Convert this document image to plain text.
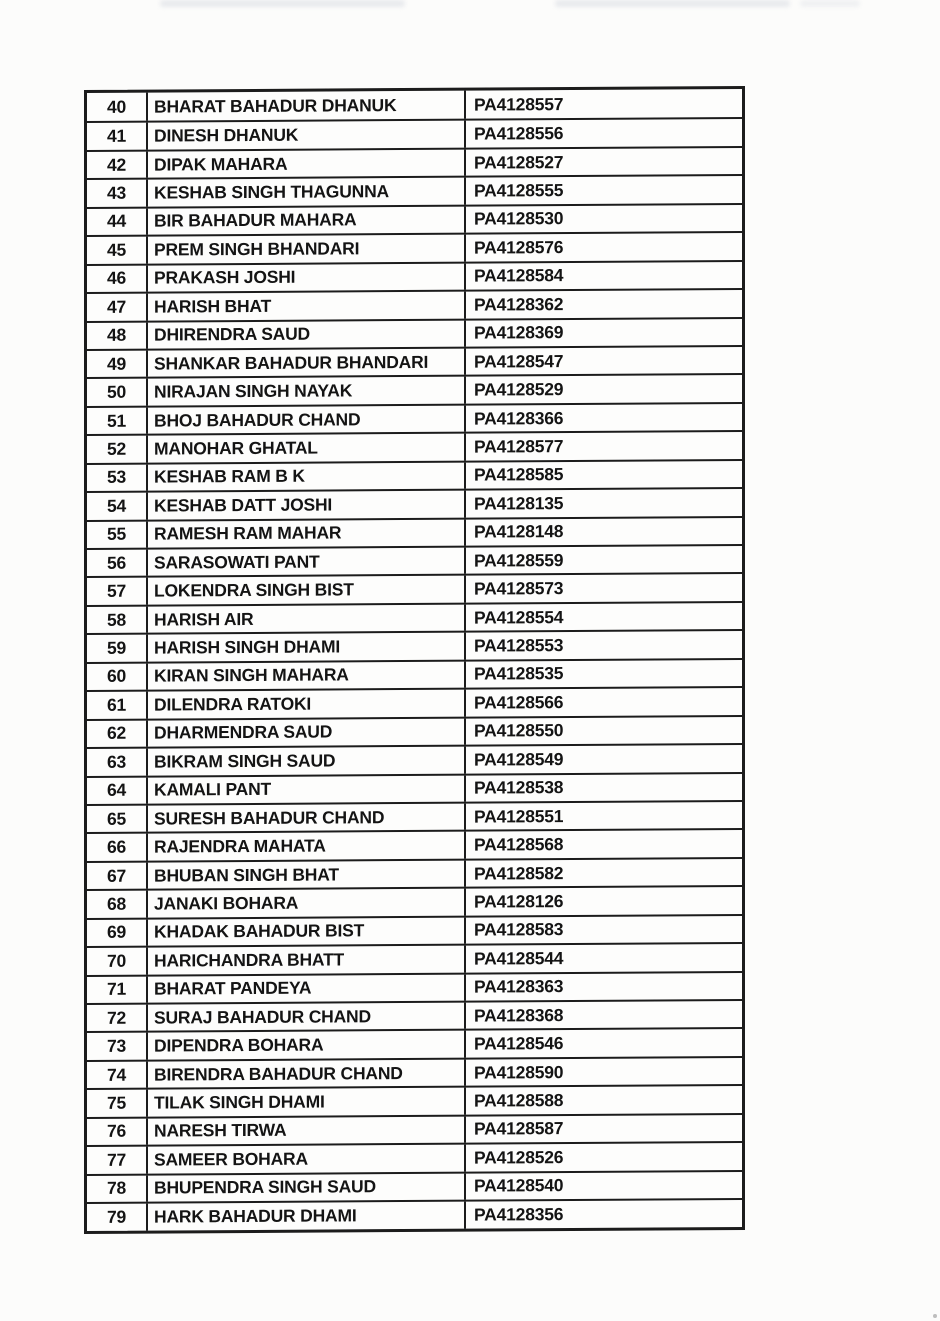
40	BHARAT BAHADUR DHANUK	PA4128557
41	DINESH DHANUK	PA4128556
42	DIPAK MAHARA	PA4128527
43	KESHAB SINGH THAGUNNA	PA4128555
44	BIR BAHADUR MAHARA	PA4128530
45	PREM SINGH BHANDARI	PA4128576
46	PRAKASH JOSHI	PA4128584
47	HARISH BHAT	PA4128362
48	DHIRENDRA SAUD	PA4128369
49	SHANKAR BAHADUR BHANDARI	PA4128547
50	NIRAJAN SINGH NAYAK	PA4128529
51	BHOJ BAHADUR CHAND	PA4128366
52	MANOHAR GHATAL	PA4128577
53	KESHAB RAM B K	PA4128585
54	KESHAB DATT JOSHI	PA4128135
55	RAMESH RAM MAHAR	PA4128148
56	SARASOWATI PANT	PA4128559
57	LOKENDRA SINGH BIST	PA4128573
58	HARISH AIR	PA4128554
59	HARISH SINGH DHAMI	PA4128553
60	KIRAN SINGH MAHARA	PA4128535
61	DILENDRA RATOKI	PA4128566
62	DHARMENDRA SAUD	PA4128550
63	BIKRAM SINGH SAUD	PA4128549
64	KAMALI PANT	PA4128538
65	SURESH BAHADUR CHAND	PA4128551
66	RAJENDRA MAHATA	PA4128568
67	BHUBAN SINGH BHAT	PA4128582
68	JANAKI BOHARA	PA4128126
69	KHADAK BAHADUR BIST	PA4128583
70	HARICHANDRA BHATT	PA4128544
71	BHARAT PANDEYA	PA4128363
72	SURAJ BAHADUR CHAND	PA4128368
73	DIPENDRA BOHARA	PA4128546
74	BIRENDRA BAHADUR CHAND	PA4128590
75	TILAK SINGH DHAMI	PA4128588
76	NARESH TIRWA	PA4128587
77	SAMEER BOHARA	PA4128526
78	BHUPENDRA SINGH SAUD	PA4128540
79	HARK BAHADUR DHAMI	PA4128356
